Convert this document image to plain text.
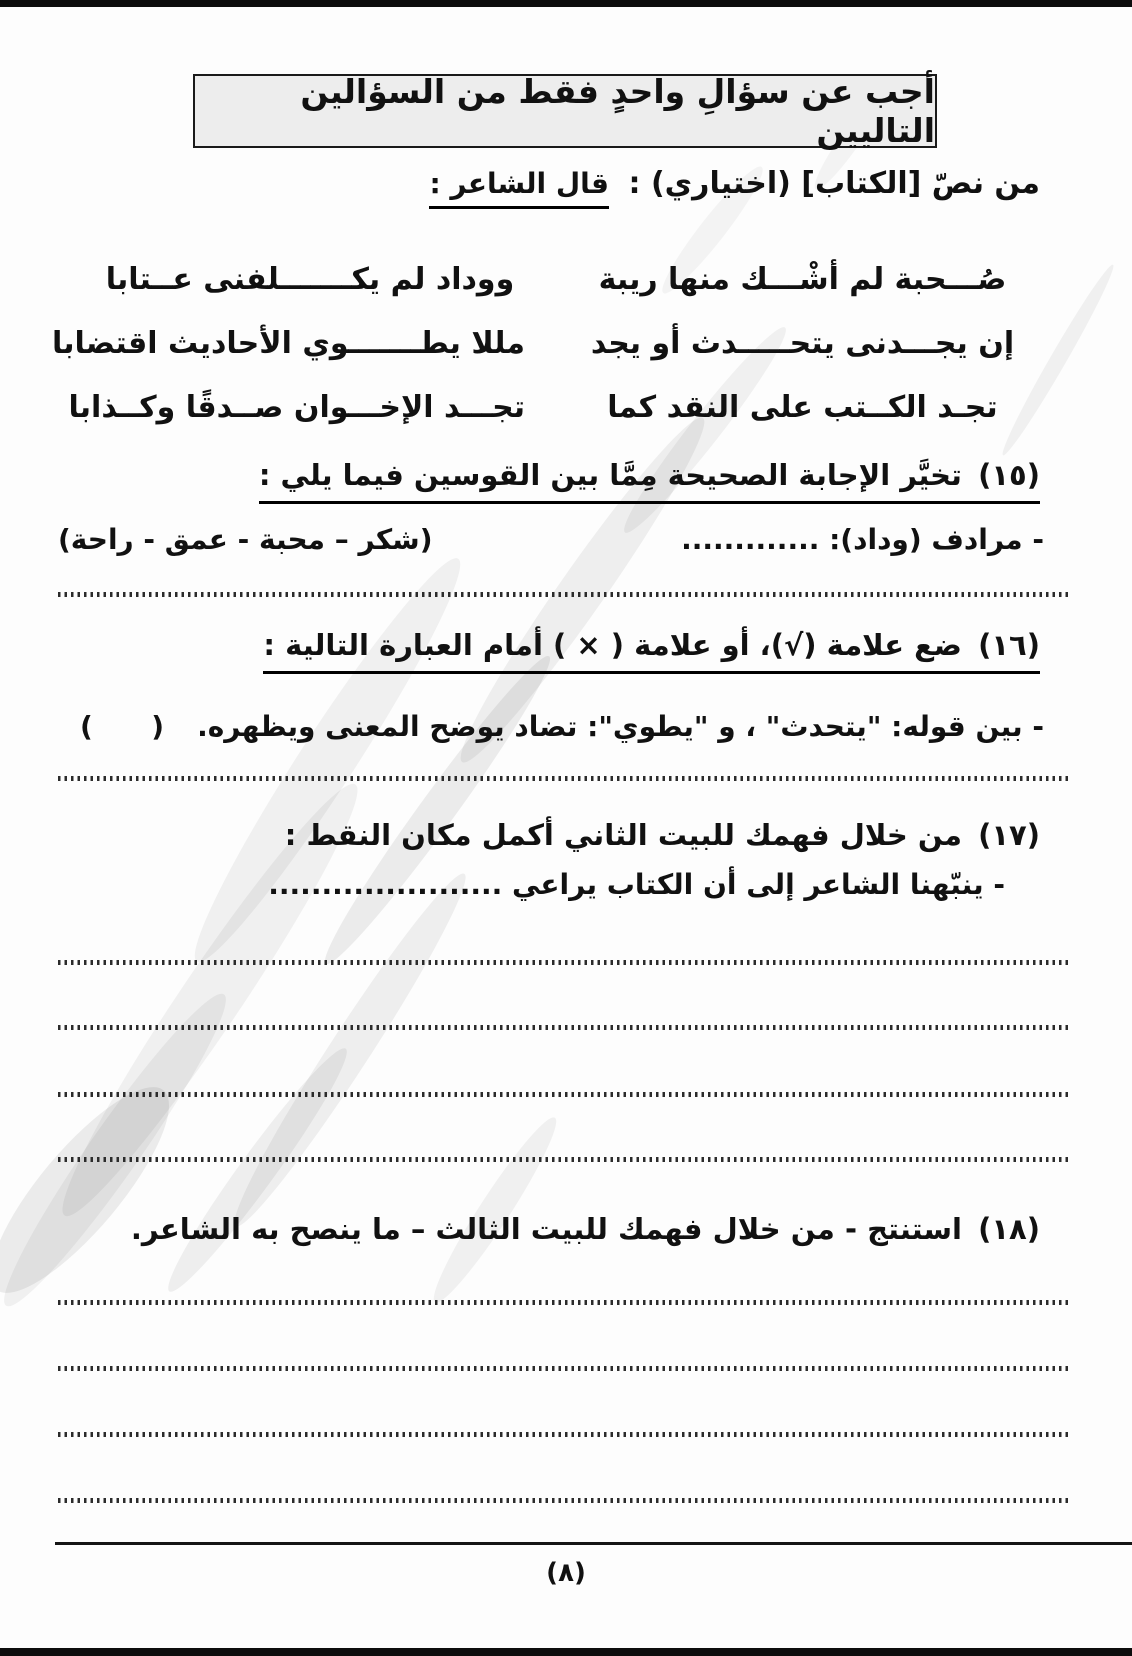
أجب عن سؤالِ واحدٍ فقط من السؤالين التاليين
من نصّ [الكتاب] (اختياري) : قال الشاعر :
صُـــحبة لم أشْـــك منها ريبة
ووداد لم يكـــــــلفنى عــتابا
إن يجـــدنى يتحـــــدث أو يجد
مللا يطـــــــوي الأحاديث اقتضابا
تجـد الكــتب على النقد كما
تجـــد الإخـــوان صــدقًا وكــذابا
(١٥) تخيَّر الإجابة الصحيحة مِمَّا بين القوسين فيما يلي :
- مرادف (وداد): .............
(شكر – محبة - عمق - راحة)
(١٦) ضع علامة (√)، أو علامة ( × ) أمام العبارة التالية :
- بين قوله: "يتحدث" ، و "يطوي": تضاد يوضح المعنى ويظهره.
(      )
(١٧) من خلال فهمك للبيت الثاني أكمل مكان النقط :
- ينبّهنا الشاعر إلى أن الكتاب يراعي ......................
(١٨) استنتج - من خلال فهمك للبيت الثالث – ما ينصح به الشاعر.
(٨)
